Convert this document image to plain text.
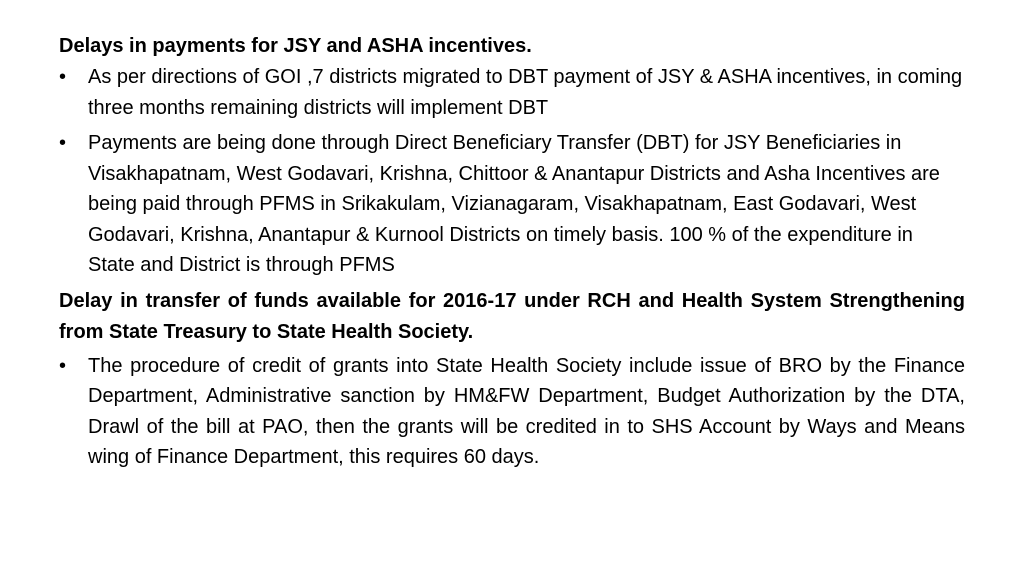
Delays in payments for JSY and ASHA incentives.

•	As per directions of GOI ,7 districts migrated to DBT payment of JSY & ASHA incentives, in coming three months remaining districts will implement DBT
•	Payments are being done through Direct Beneficiary Transfer (DBT) for JSY Beneficiaries in Visakhapatnam, West Godavari, Krishna, Chittoor & Anantapur Districts and Asha Incentives are being paid through PFMS in Srikakulam, Vizianagaram, Visakhapatnam, East Godavari, West Godavari, Krishna, Anantapur & Kurnool Districts on timely basis. 100 % of the expenditure in State and District is through PFMS

Delay in transfer of funds available for 2016-17 under RCH and Health System Strengthening from State Treasury to State Health Society.

•	The procedure of credit of grants into State Health Society include issue of BRO by the Finance Department, Administrative sanction by HM&FW Department, Budget Authorization by the DTA, Drawl of the bill at PAO, then the grants will be credited in to SHS Account by Ways and Means wing of Finance Department, this requires 60 days.
